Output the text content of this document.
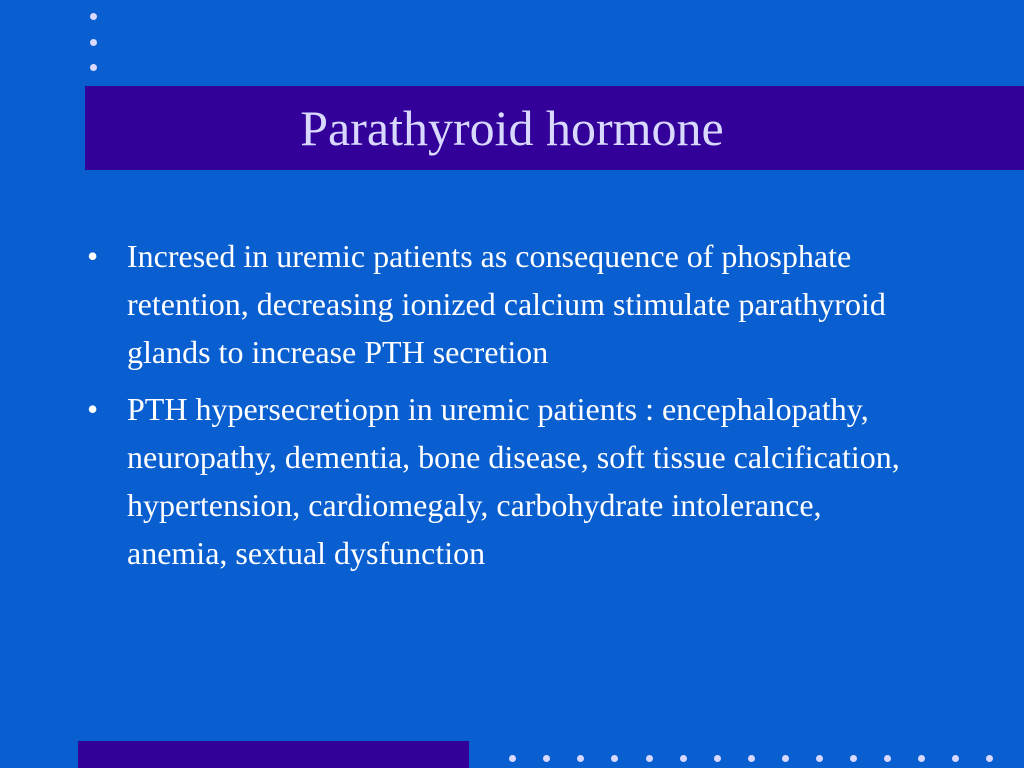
Parathyroid hormone
• Incresed in uremic patients as consequence of phosphate retention, decreasing ionized calcium stimulate parathyroid glands to increase PTH secretion
• PTH hypersecretiopn in uremic patients : encephalopathy, neuropathy, dementia, bone disease, soft tissue calcification, hypertension, cardiomegaly, carbohydrate intolerance, anemia, sextual dysfunction
